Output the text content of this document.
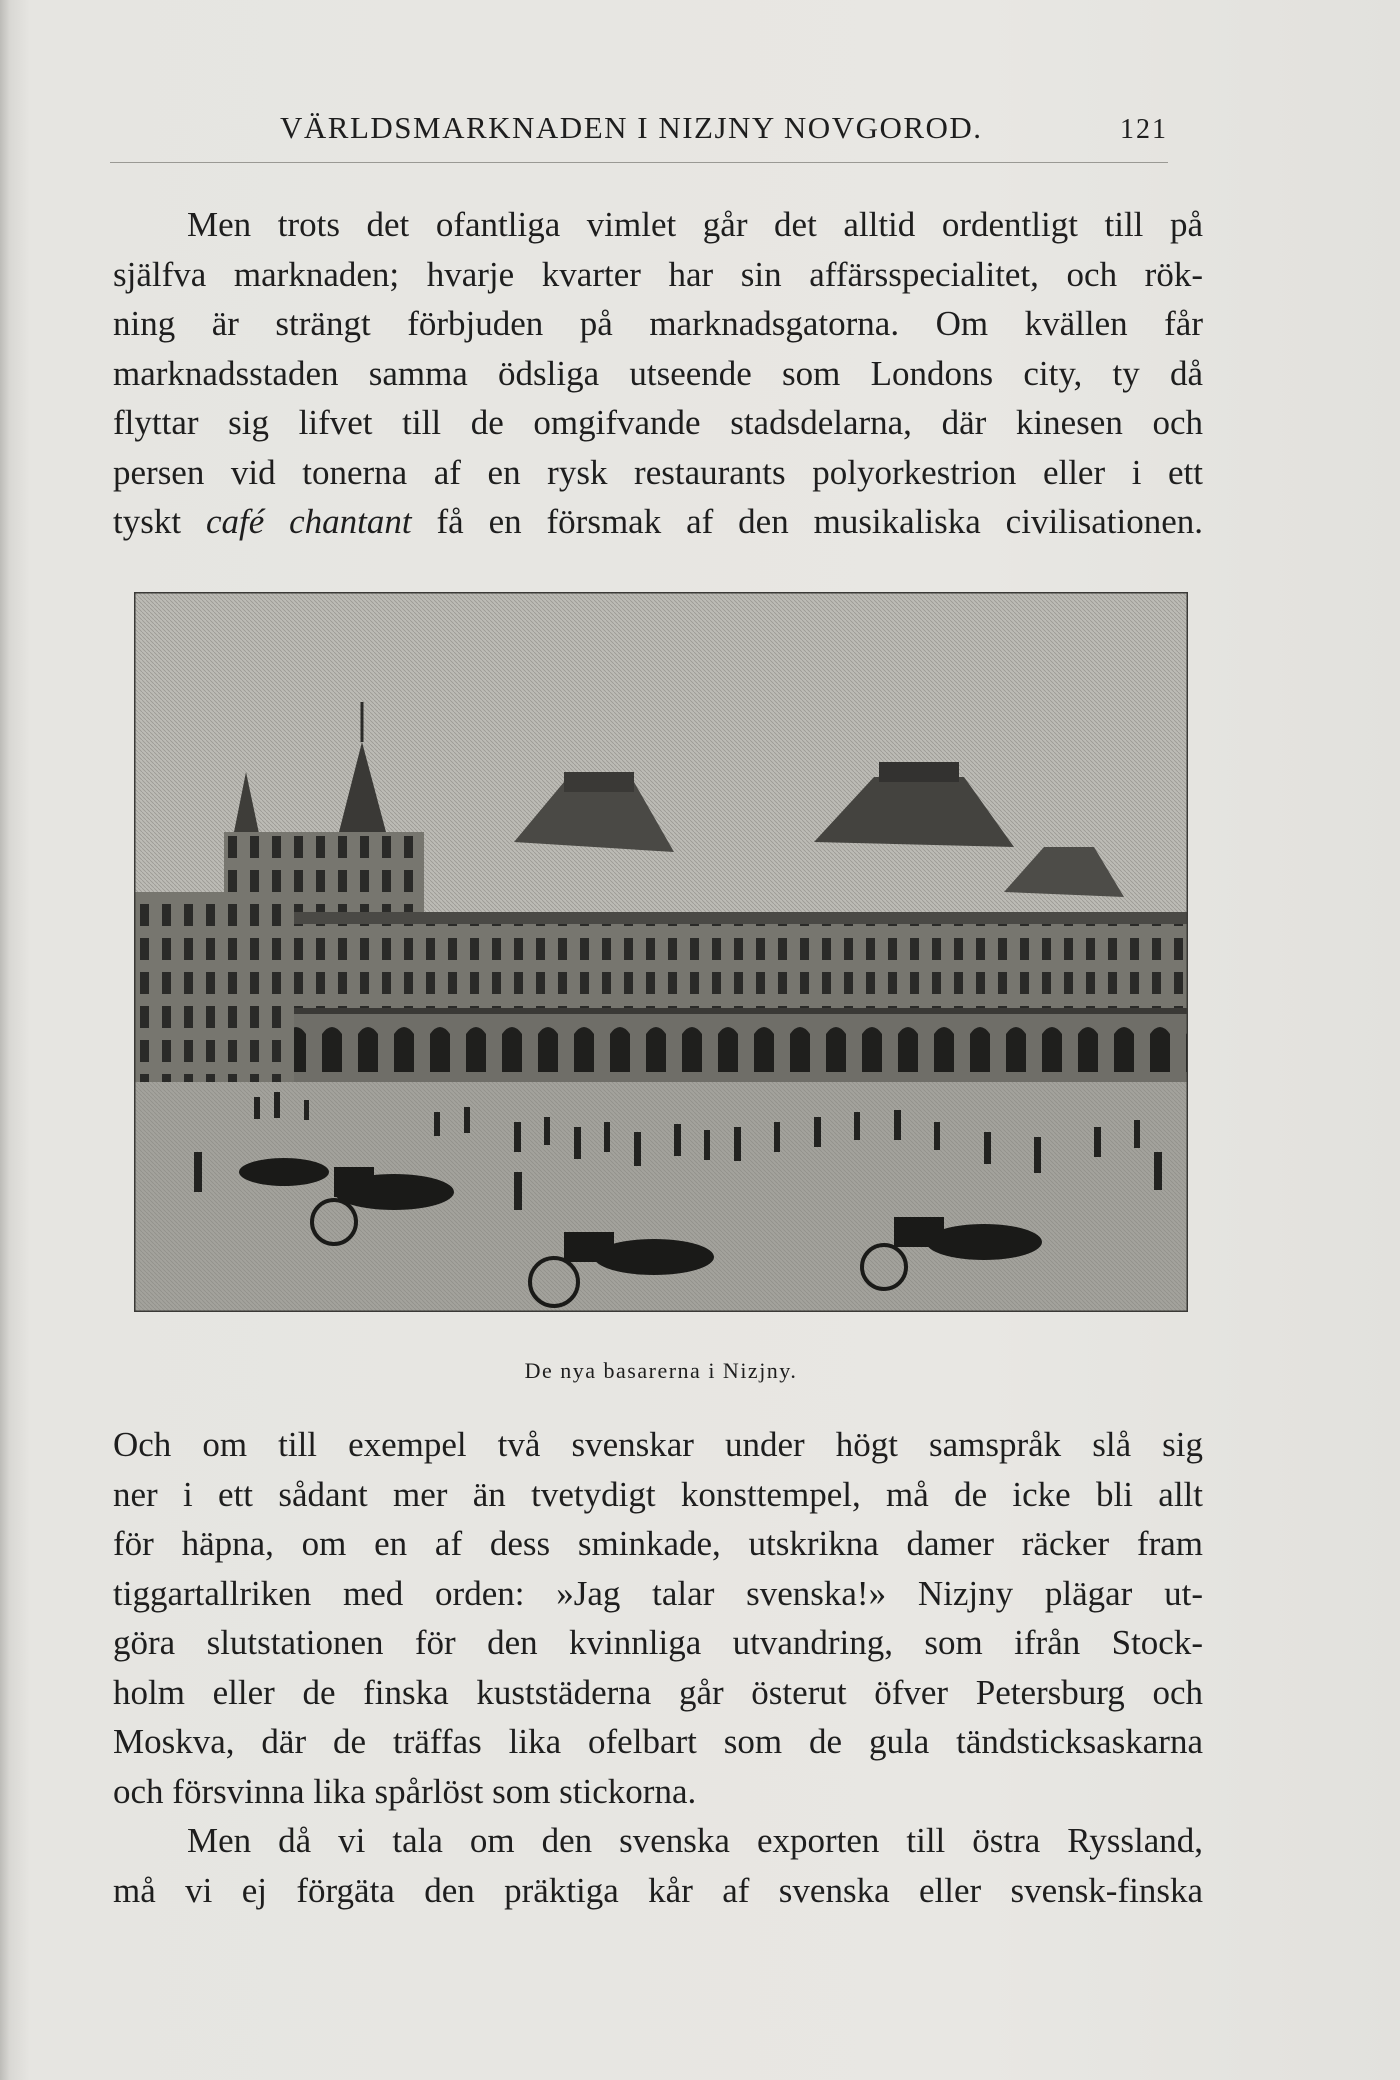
VÄRLDSMARKNADEN I NIZJNY NOVGOROD.	121
Men trots det ofantliga vimlet går det alltid ordentligt till på
själfva marknaden; hvarje kvarter har sin affärsspecialitet, och rök-
ning är strängt förbjuden på marknadsgatorna. Om kvällen får
marknadsstaden samma ödsliga utseende som Londons city, ty då
flyttar sig lifvet till de omgifvande stadsdelarna, där kinesen och
persen vid tonerna af en rysk restaurants polyorkestrion eller i ett
tyskt café chantant få en försmak af den musikaliska civilisationen.
De nya basarerna i Nizjny.
Och om till exempel två svenskar under högt samspråk slå sig
ner i ett sådant mer än tvetydigt konsttempel, må de icke bli allt
för häpna, om en af dess sminkade, utskrikna damer räcker fram
tiggartallriken med orden: »Jag talar svenska!» Nizjny plägar ut-
göra slutstationen för den kvinnliga utvandring, som ifrån Stock-
holm eller de finska kuststäderna går österut öfver Petersburg och
Moskva, där de träffas lika ofelbart som de gula tändsticksaskarna
och försvinna lika spårlöst som stickorna.
Men då vi tala om den svenska exporten till östra Ryssland,
må vi ej förgäta den präktiga kår af svenska eller svensk-finska
